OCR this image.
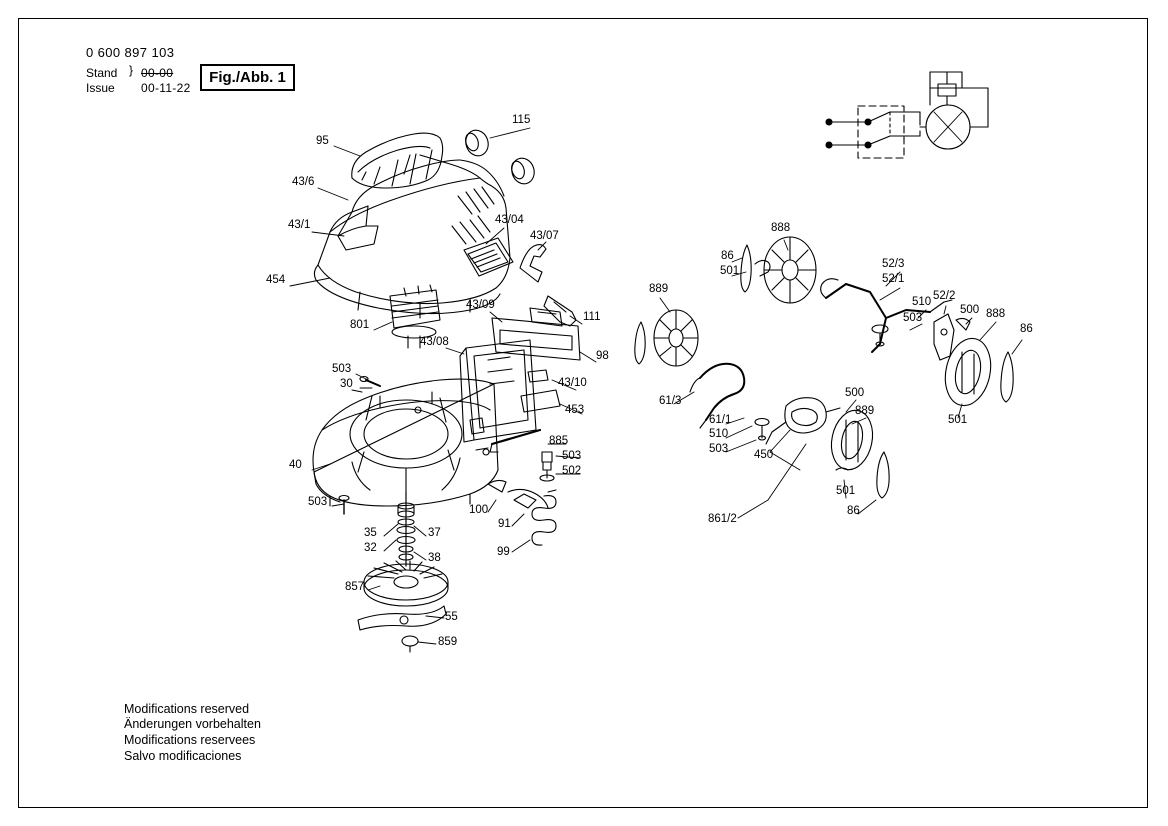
0 600 897 103
Stand
Issue
} 00-00
00-11-22
Fig./Abb. 1
Modifications reserved
Änderungen vorbehalten
Modifications reservees
Salvo modificaciones
95
115
43/6
43/1	43/04
43/07
454
801
43/09
111
98
43/08
43/10
453
503
30
885
503
502
40
503
100
91
99
35	37
32
38
857
55
859
889
61/3
86
501
888
52/3
52/1
510
503
52/2
500 888
86
501
61/1
510
503
500
889
450
501
86
861/2
